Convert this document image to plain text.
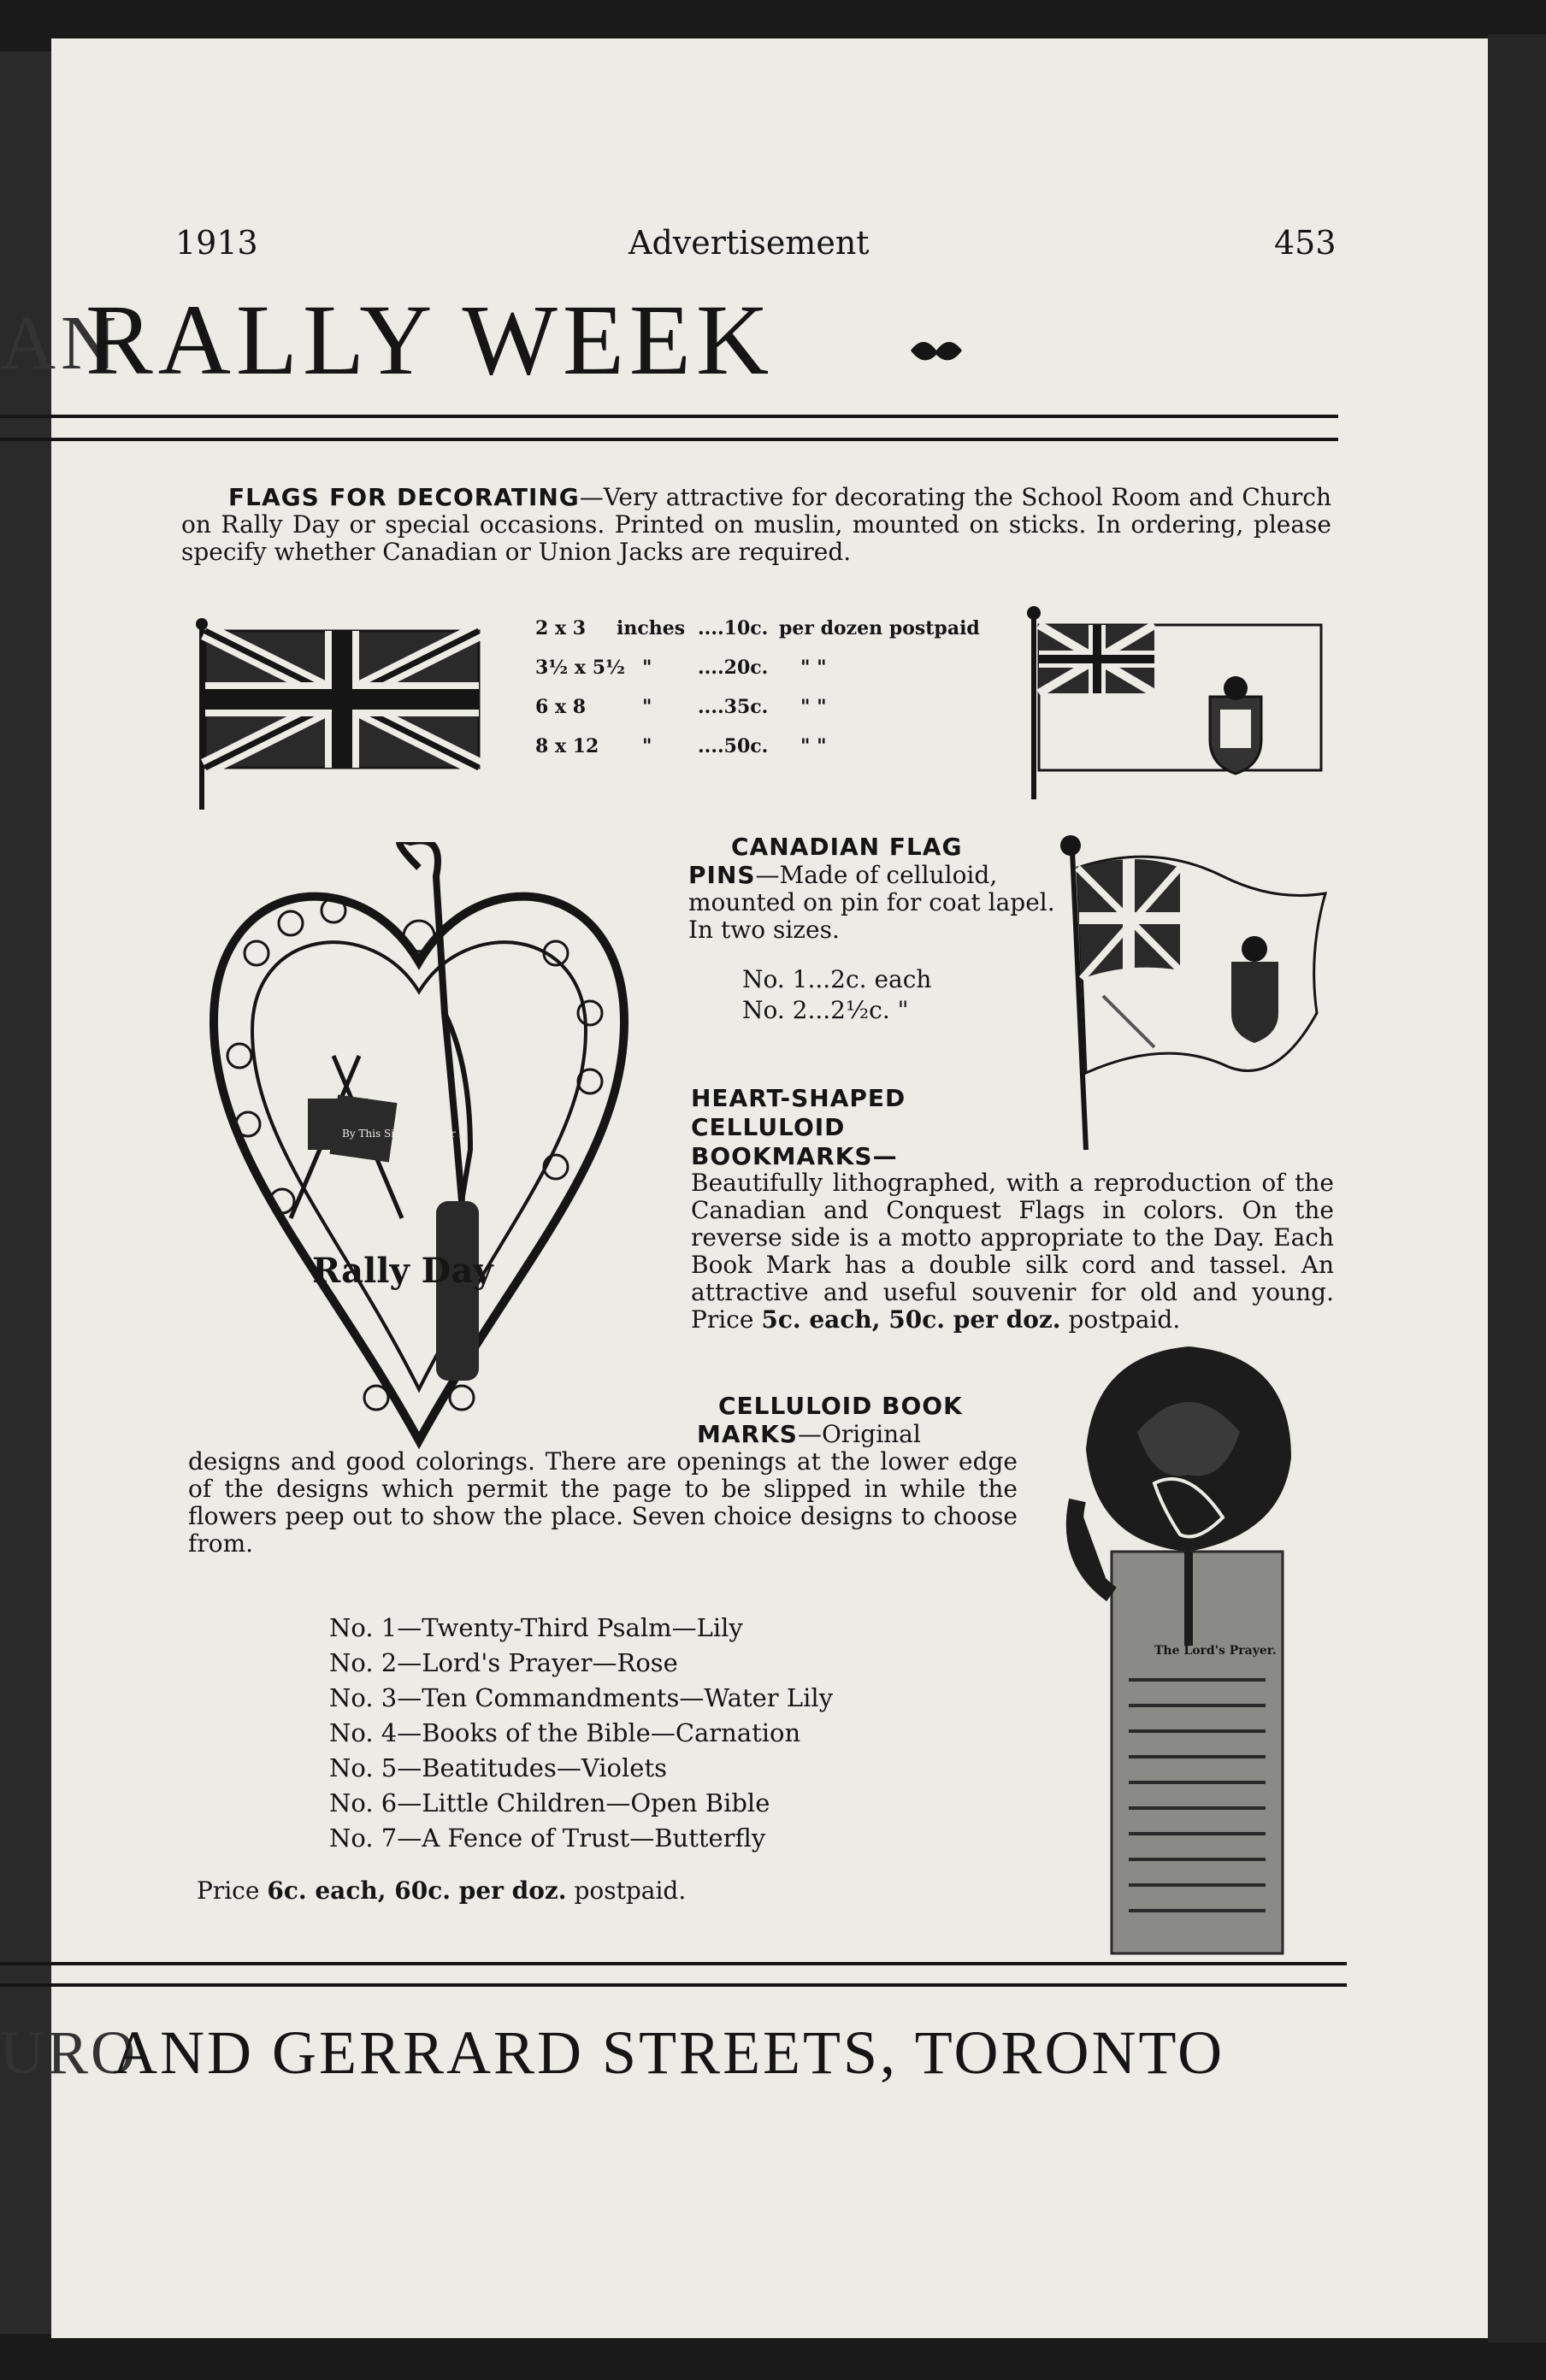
1913	Advertisement	453
AN
RALLY WEEK
FLAGS FOR DECORATING—Very attractive for decorating the School Room and Church on Rally Day or special occasions. Printed on muslin, mounted on sticks. In ordering, please specify whether Canadian or Union Jacks are required.
2 x 3 inches ....10c. per dozen postpaid
3½ x 5½ " ....20c. " "
6 x 8	" ....35c. " "
8 x 12 " ....50c. " "
Rally Day
By This Sign Conquer
CANADIAN FLAG
PINS—Made of celluloid, mounted on pin for coat lapel. In two sizes.
No. 1...2c. each
No. 2...2½c. "
HEART-SHAPED
CELLULOID
BOOKMARKS—
Beautifully lithographed, with a reproduction of the Canadian and Conquest Flags in colors. On the reverse side is a motto appropriate to the Day. Each Book Mark has a double silk cord and tassel. An attractive and useful souvenir for old and young. Price 5c. each, 50c. per doz. postpaid.
CELLULOID BOOK
MARKS—Original designs and good colorings. There are openings at the lower edge of the designs which permit the page to be slipped in while the flowers peep out to show the place. Seven choice designs to choose from.
The Lord's Prayer.
No. 1—Twenty-Third Psalm—Lily
No. 2—Lord's Prayer—Rose
No. 3—Ten Commandments—Water Lily
No. 4—Books of the Bible—Carnation
No. 5—Beatitudes—Violets
No. 6—Little Children—Open Bible
No. 7—A Fence of Trust—Butterfly
Price 6c. each, 60c. per doz. postpaid.
URO
AND GERRARD STREETS, TORONTO
